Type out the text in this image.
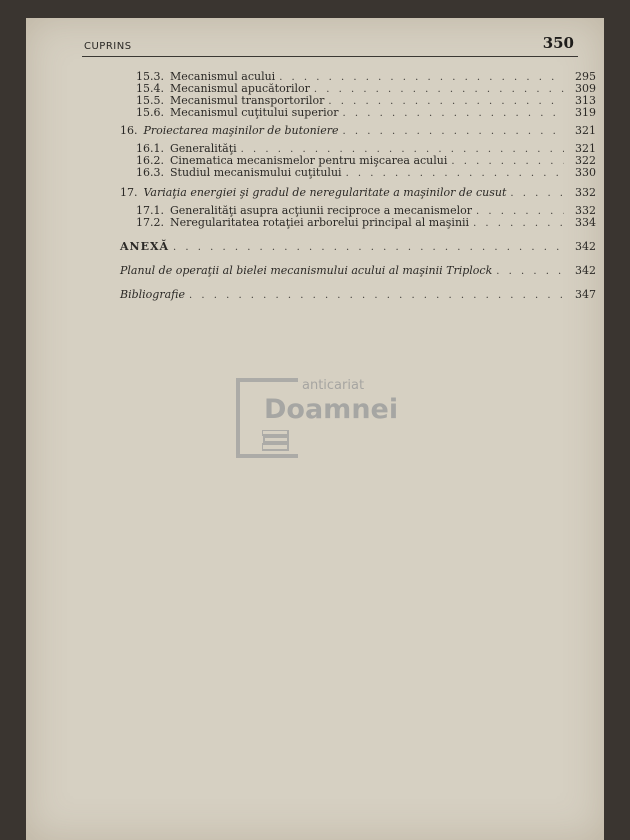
CUPRINS	350
15.3. Mecanismul acului . . .	295
15.4. Mecanismul apucătorilor . . .	309
15.5. Mecanismul transportorilor . . .	313
15.6. Mecanismul cuţitului superior . . .	319
16. Proiectarea maşinilor de butoniere . . .	321
16.1. Generalităţi . . .	321
16.2. Cinematica mecanismelor pentru mişcarea acului . . .	322
16.3. Studiul mecanismului cuţitului . . .	330
17. Variaţia energiei şi gradul de neregularitate a maşinilor de cusut . . .	332
17.1. Generalităţi asupra acţiunii reciproce a mecanismelor . . .	332
17.2. Neregularitatea rotaţiei arborelui principal al maşinii . . .	334
ANEXĂ . . .	342
Planul de operaţii al bielei mecanismului acului al maşinii Triplock . . .	342
Bibliografie . . .	347
anticariat
Doamnei
